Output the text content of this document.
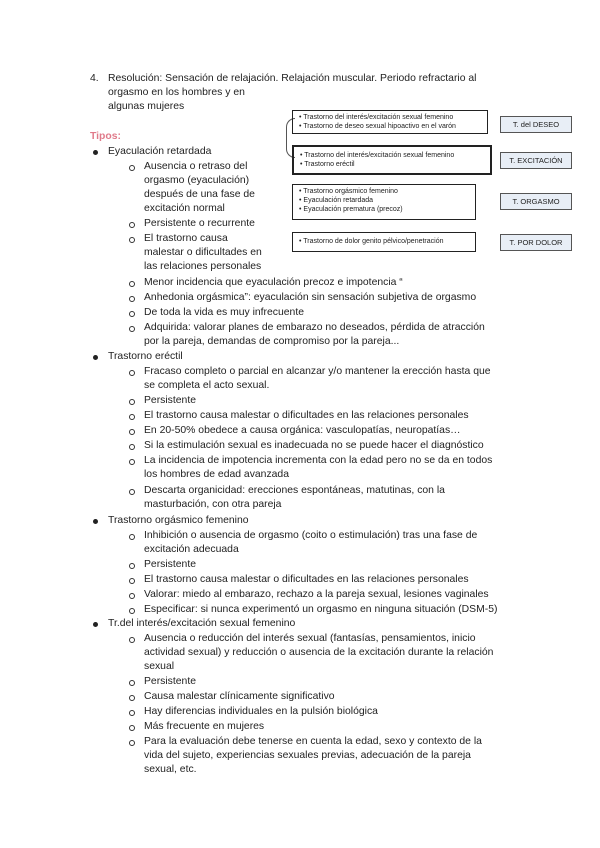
4. Resolución: Sensación de relajación. Relajación muscular. Periodo refractario al
orgasmo en los hombres y en
algunas mujeres
Tipos:
• Trastorno del interés/excitación sexual femenino
• Trastorno de deseo sexual hipoactivo en el varón
• Trastorno del interés/excitación sexual femenino
• Trastorno eréctil
• Trastorno orgásmico femenino
• Eyaculación retardada
• Eyaculación prematura (precoz)
• Trastorno de dolor genito pélvico/penetración
T. del DESEO
T. EXCITACIÓN
T. ORGASMO
T. POR DOLOR
Eyaculación retardada
Ausencia o retraso del
orgasmo (eyaculación)
después de una fase de
excitación normal
Persistente o recurrente
El trastorno causa
malestar o dificultades en
las relaciones personales
Menor incidencia que eyaculación precoz e impotencia “
Anhedonia orgásmica”: eyaculación sin sensación subjetiva de orgasmo
De toda la vida es muy infrecuente
Adquirida: valorar planes de embarazo no deseados, pérdida de atracción
por la pareja, demandas de compromiso por la pareja...
Trastorno eréctil
Fracaso completo o parcial en alcanzar y/o mantener la erección hasta que
se completa el acto sexual.
Persistente
El trastorno causa malestar o dificultades en las relaciones personales
En 20-50% obedece a causa orgánica: vasculopatías, neuropatías…
Si la estimulación sexual es inadecuada no se puede hacer el diagnóstico
La incidencia de impotencia incrementa con la edad pero no se da en todos
los hombres de edad avanzada
Descarta organicidad: erecciones espontáneas, matutinas, con la
masturbación, con otra pareja
Trastorno orgásmico femenino
Inhibición o ausencia de orgasmo (coito o estimulación) tras una fase de
excitación adecuada
Persistente
El trastorno causa malestar o dificultades en las relaciones personales
Valorar: miedo al embarazo, rechazo a la pareja sexual, lesiones vaginales
Especificar: si nunca experimentó un orgasmo en ninguna situación (DSM-5)
Tr.del interés/excitación sexual femenino
Ausencia o reducción del interés sexual (fantasías, pensamientos, inicio
actividad sexual) y reducción o ausencia de la excitación durante la relación
sexual
Persistente
Causa malestar clínicamente significativo
Hay diferencias individuales en la pulsión biológica
Más frecuente en mujeres
Para la evaluación debe tenerse en cuenta la edad, sexo y contexto de la
vida del sujeto, experiencias sexuales previas, adecuación de la pareja
sexual, etc.
